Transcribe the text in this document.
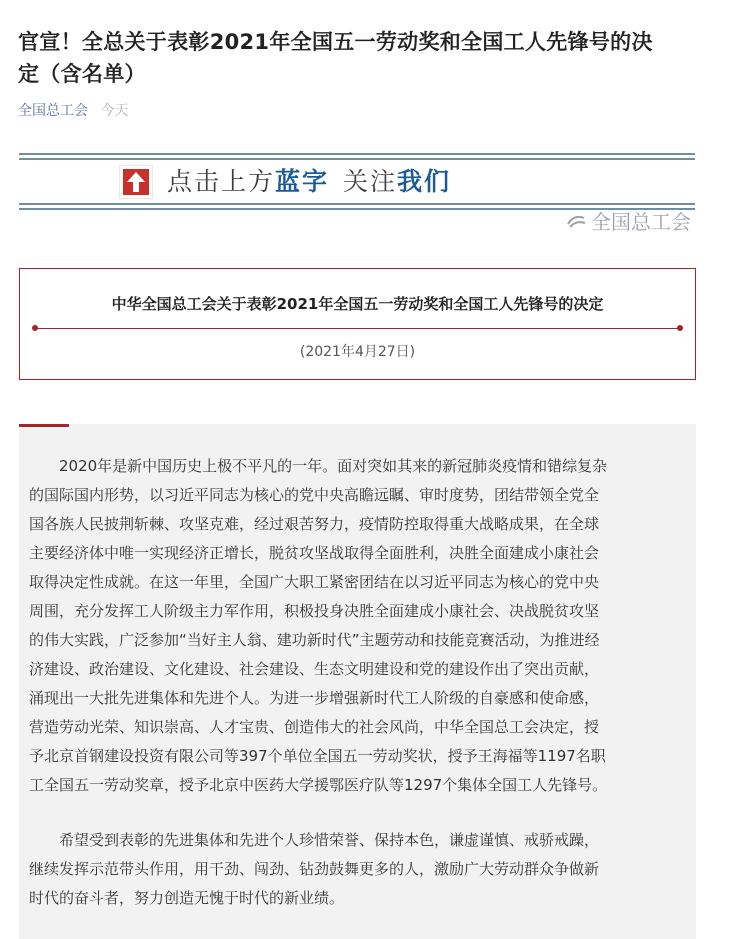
官宣！全总关于表彰2021年全国五一劳动奖和全国工人先锋号的决
定（含名单）
全国总工会 今天
点击上方蓝字 关注我们
全国总工会
中华全国总工会关于表彰2021年全国五一劳动奖和全国工人先锋号的决定
(2021年4月27日)

　　2020年是新中国历史上极不平凡的一年。面对突如其来的新冠肺炎疫情和错综复杂
的国际国内形势，以习近平同志为核心的党中央高瞻远瞩、审时度势，团结带领全党全
国各族人民披荆斩棘、攻坚克难，经过艰苦努力，疫情防控取得重大战略成果，在全球
主要经济体中唯一实现经济正增长，脱贫攻坚战取得全面胜利，决胜全面建成小康社会
取得决定性成就。在这一年里，全国广大职工紧密团结在以习近平同志为核心的党中央
周围，充分发挥工人阶级主力军作用，积极投身决胜全面建成小康社会、决战脱贫攻坚
的伟大实践，广泛参加“当好主人翁、建功新时代”主题劳动和技能竞赛活动，为推进经
济建设、政治建设、文化建设、社会建设、生态文明建设和党的建设作出了突出贡献，
涌现出一大批先进集体和先进个人。为进一步增强新时代工人阶级的自豪感和使命感，
营造劳动光荣、知识崇高、人才宝贵、创造伟大的社会风尚，中华全国总工会决定，授
予北京首钢建设投资有限公司等397个单位全国五一劳动奖状，授予王海福等1197名职
工全国五一劳动奖章，授予北京中医药大学援鄂医疗队等1297个集体全国工人先锋号。

　　希望受到表彰的先进集体和先进个人珍惜荣誉、保持本色，谦虚谨慎、戒骄戒躁，
继续发挥示范带头作用，用干劲、闯劲、钻劲鼓舞更多的人，激励广大劳动群众争做新
时代的奋斗者，努力创造无愧于时代的新业绩。
